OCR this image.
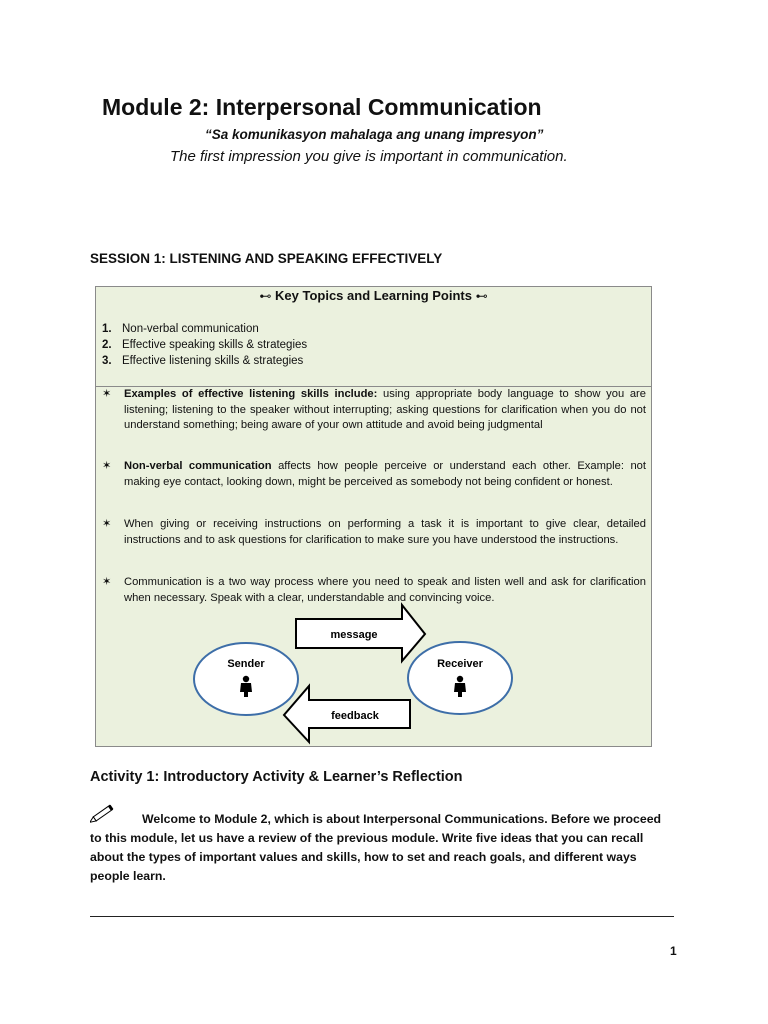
Module 2: Interpersonal Communication
“Sa komunikasyon mahalaga ang unang impresyon”
The first impression you give is important in communication.
SESSION 1: LISTENING AND SPEAKING EFFECTIVELY
⊷ Key Topics and Learning Points ⊷
1. Non-verbal communication
2. Effective speaking skills & strategies
3. Effective listening skills & strategies
✶ Examples of effective listening skills include: using appropriate body language to show you are listening; listening to the speaker without interrupting; asking questions for clarification when you do not understand something; being aware of your own attitude and avoid being judgmental
✶ Non-verbal communication affects how people perceive or understand each other. Example: not making eye contact, looking down, might be perceived as somebody not being confident or honest.
✶ When giving or receiving instructions on performing a task it is important to give clear, detailed instructions and to ask questions for clarification to make sure you have understood the instructions.
✶ Communication is a two way process where you need to speak and listen well and ask for clarification when necessary. Speak with a clear, understandable and convincing voice.
message
feedback
Sender	Receiver
Activity 1: Introductory Activity & Learner’s Reflection
Welcome to Module 2, which is about Interpersonal Communications. Before we proceed to this module, let us have a review of the previous module. Write five ideas that you can recall about the types of important values and skills, how to set and reach goals, and different ways people learn.
1
